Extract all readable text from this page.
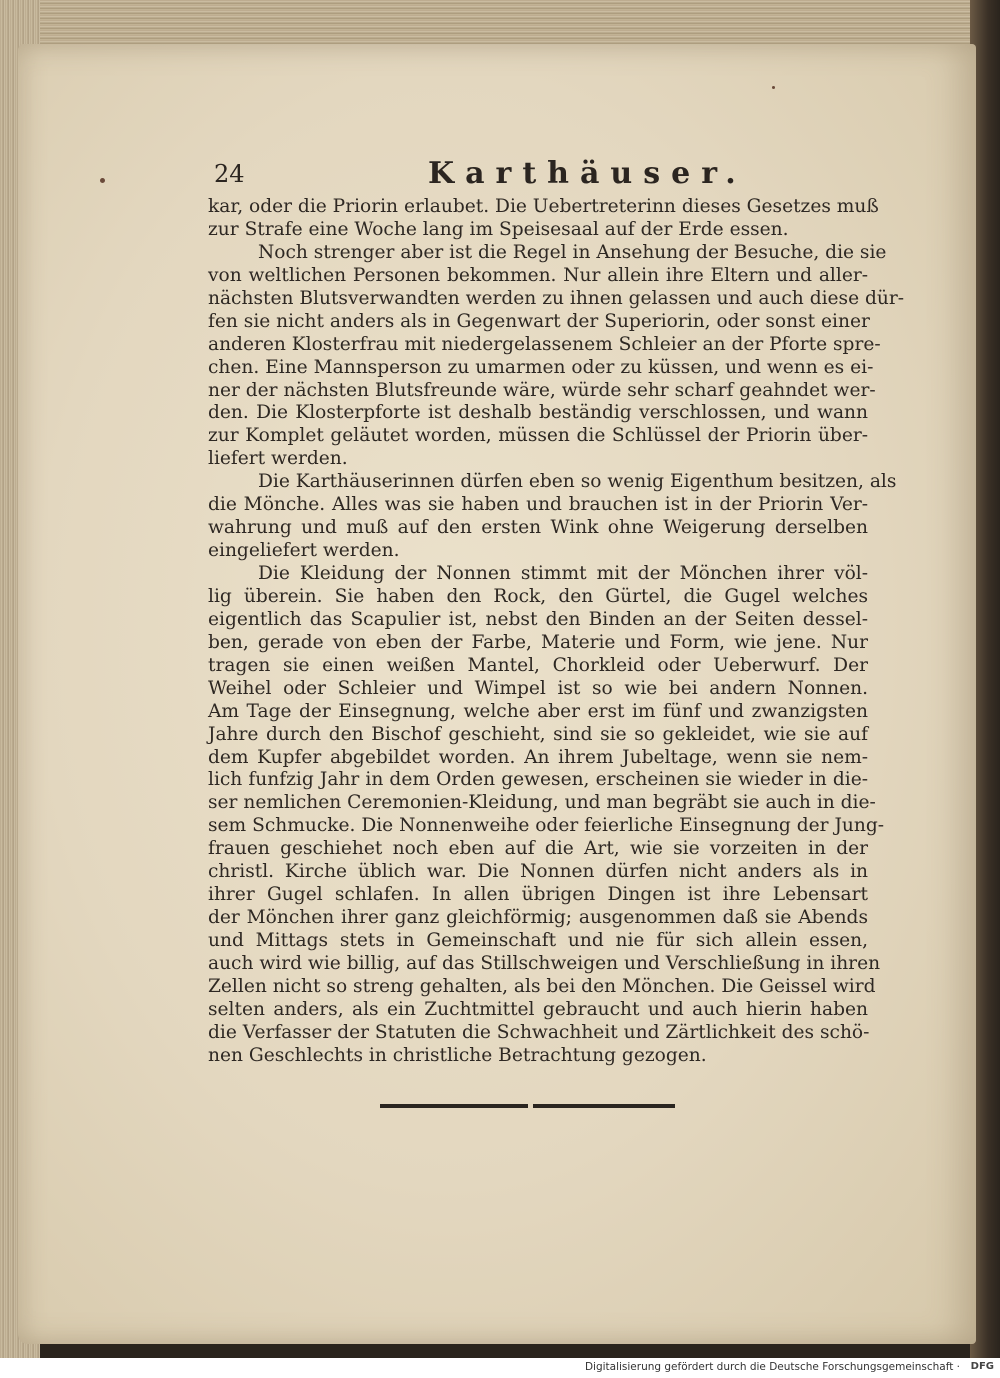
24	Karthäuser.
kar, oder die Priorin erlaubet. Die Uebertreterinn dieses Gesetzes muß
zur Strafe eine Woche lang im Speisesaal auf der Erde essen.
Noch strenger aber ist die Regel in Ansehung der Besuche, die sie
von weltlichen Personen bekommen. Nur allein ihre Eltern und aller-
nächsten Blutsverwandten werden zu ihnen gelassen und auch diese dür-
fen sie nicht anders als in Gegenwart der Superiorin, oder sonst einer
anderen Klosterfrau mit niedergelassenem Schleier an der Pforte spre-
chen. Eine Mannsperson zu umarmen oder zu küssen, und wenn es ei-
ner der nächsten Blutsfreunde wäre, würde sehr scharf geahndet wer-
den. Die Klosterpforte ist deshalb beständig verschlossen, und wann
zur Komplet geläutet worden, müssen die Schlüssel der Priorin über-
liefert werden.
Die Karthäuserinnen dürfen eben so wenig Eigenthum besitzen, als
die Mönche. Alles was sie haben und brauchen ist in der Priorin Ver-
wahrung und muß auf den ersten Wink ohne Weigerung derselben
eingeliefert werden.
Die Kleidung der Nonnen stimmt mit der Mönchen ihrer völ-
lig überein. Sie haben den Rock, den Gürtel, die Gugel welches
eigentlich das Scapulier ist, nebst den Binden an der Seiten dessel-
ben, gerade von eben der Farbe, Materie und Form, wie jene. Nur
tragen sie einen weißen Mantel, Chorkleid oder Ueberwurf. Der
Weihel oder Schleier und Wimpel ist so wie bei andern Nonnen.
Am Tage der Einsegnung, welche aber erst im fünf und zwanzigsten
Jahre durch den Bischof geschieht, sind sie so gekleidet, wie sie auf
dem Kupfer abgebildet worden. An ihrem Jubeltage, wenn sie nem-
lich funfzig Jahr in dem Orden gewesen, erscheinen sie wieder in die-
ser nemlichen Ceremonien-Kleidung, und man begräbt sie auch in die-
sem Schmucke. Die Nonnenweihe oder feierliche Einsegnung der Jung-
frauen geschiehet noch eben auf die Art, wie sie vorzeiten in der
christl. Kirche üblich war. Die Nonnen dürfen nicht anders als in
ihrer Gugel schlafen. In allen übrigen Dingen ist ihre Lebensart
der Mönchen ihrer ganz gleichförmig; ausgenommen daß sie Abends
und Mittags stets in Gemeinschaft und nie für sich allein essen,
auch wird wie billig, auf das Stillschweigen und Verschließung in ihren
Zellen nicht so streng gehalten, als bei den Mönchen. Die Geissel wird
selten anders, als ein Zuchtmittel gebraucht und auch hierin haben
die Verfasser der Statuten die Schwachheit und Zärtlichkeit des schö-
nen Geschlechts in christliche Betrachtung gezogen.
Digitalisierung gefördert durch die Deutsche Forschungsgemeinschaft · DFG
